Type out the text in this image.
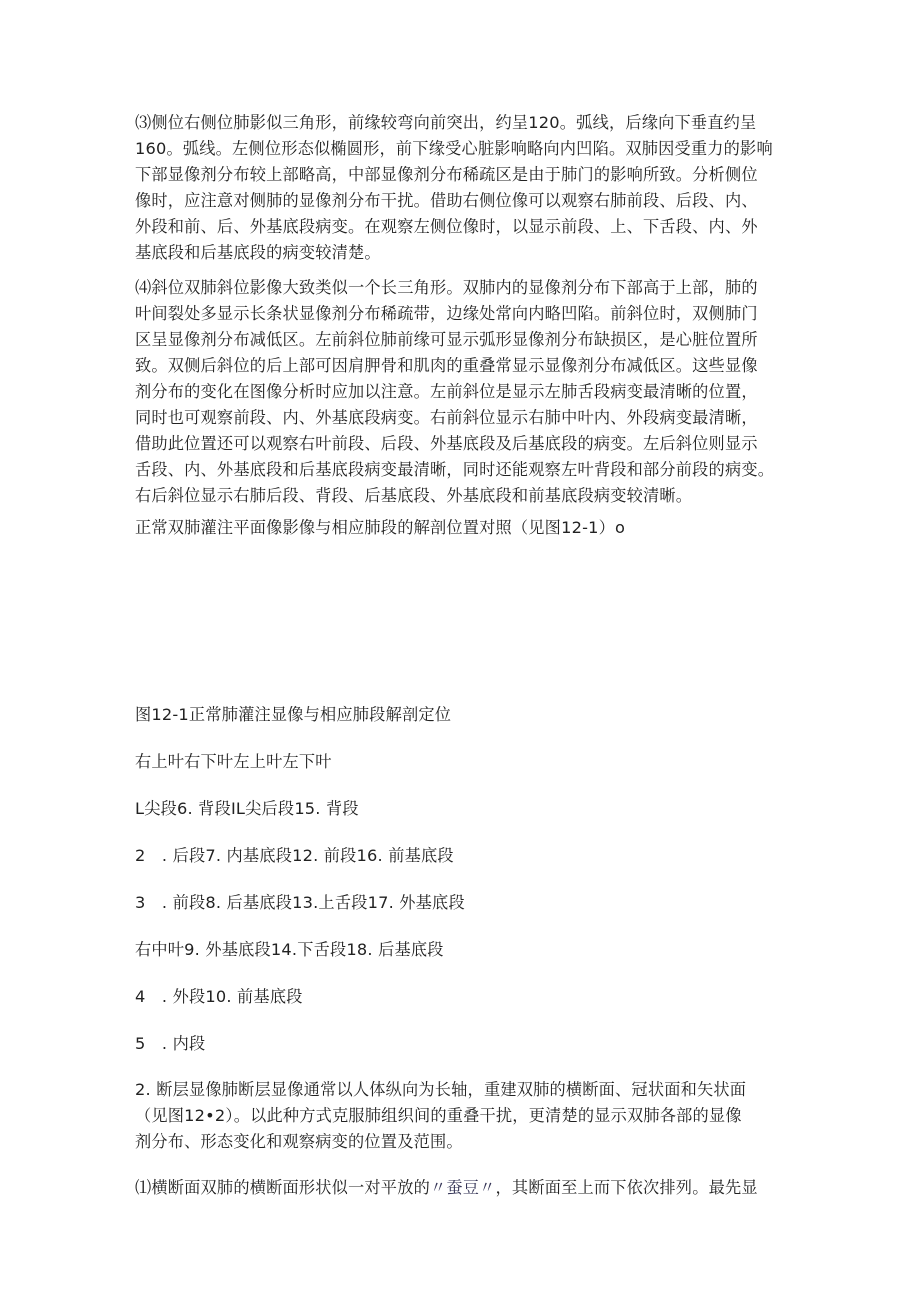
⑶侧位右侧位肺影似三角形，前缘较弯向前突出，约呈120。弧线，后缘向下垂直约呈
160。弧线。左侧位形态似椭圆形，前下缘受心脏影响略向内凹陷。双肺因受重力的影响
下部显像剂分布较上部略高，中部显像剂分布稀疏区是由于肺门的影响所致。分析侧位
像时，应注意对侧肺的显像剂分布干扰。借助右侧位像可以观察右肺前段、后段、内、
外段和前、后、外基底段病变。在观察左侧位像时，以显示前段、上、下舌段、内、外
基底段和后基底段的病变较清楚。

⑷斜位双肺斜位影像大致类似一个长三角形。双肺内的显像剂分布下部高于上部，肺的
叶间裂处多显示长条状显像剂分布稀疏带，边缘处常向内略凹陷。前斜位时，双侧肺门
区呈显像剂分布减低区。左前斜位肺前缘可显示弧形显像剂分布缺损区，是心脏位置所
致。双侧后斜位的后上部可因肩胛骨和肌肉的重叠常显示显像剂分布减低区。这些显像
剂分布的变化在图像分析时应加以注意。左前斜位是显示左肺舌段病变最清晰的位置，
同时也可观察前段、内、外基底段病变。右前斜位显示右肺中叶内、外段病变最清晰，
借助此位置还可以观察右叶前段、后段、外基底段及后基底段的病变。左后斜位则显示
舌段、内、外基底段和后基底段病变最清晰，同时还能观察左叶背段和部分前段的病变。
右后斜位显示右肺后段、背段、后基底段、外基底段和前基底段病变较清晰。

正常双肺灌注平面像影像与相应肺段的解剖位置对照（见图12-1）o

图12-1正常肺灌注显像与相应肺段解剖定位

右上叶右下叶左上叶左下叶

L尖段6. 背段IL尖后段15. 背段

2　. 后段7. 内基底段12. 前段16. 前基底段

3　. 前段8. 后基底段13.上舌段17. 外基底段

右中叶9. 外基底段14.下舌段18. 后基底段

4　. 外段10. 前基底段

5　. 内段

2. 断层显像肺断层显像通常以人体纵向为长轴，重建双肺的横断面、冠状面和矢状面
（见图12•2）。以此种方式克服肺组织间的重叠干扰，更清楚的显示双肺各部的显像
剂分布、形态变化和观察病变的位置及范围。

⑴横断面双肺的横断面形状似一对平放的〃蚕豆〃，其断面至上而下依次排列。最先显
